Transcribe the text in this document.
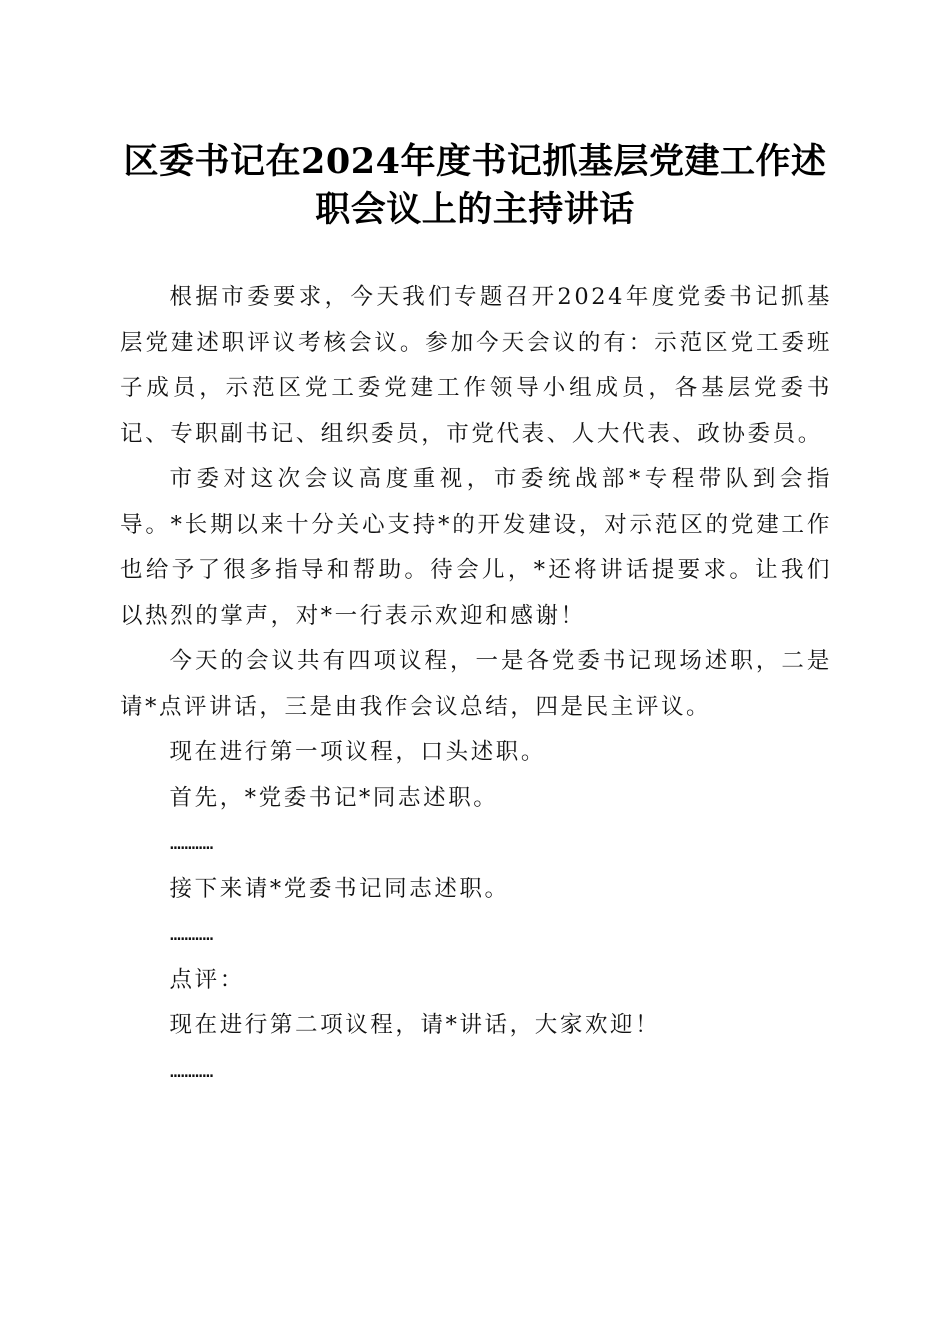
区委书记在2024年度书记抓基层党建工作述
职会议上的主持讲话

根据市委要求，今天我们专题召开2024年度党委书记抓基层党建述职评议考核会议。参加今天会议的有：示范区党工委班子成员，示范区党工委党建工作领导小组成员，各基层党委书记、专职副书记、组织委员，市党代表、人大代表、政协委员。

市委对这次会议高度重视，市委统战部*专程带队到会指导。*长期以来十分关心支持*的开发建设，对示范区的党建工作也给予了很多指导和帮助。待会儿，*还将讲话提要求。让我们以热烈的掌声，对*一行表示欢迎和感谢！

今天的会议共有四项议程，一是各党委书记现场述职，二是请*点评讲话，三是由我作会议总结，四是民主评议。

现在进行第一项议程，口头述职。

首先，*党委书记*同志述职。

…………

接下来请*党委书记同志述职。

…………

点评：

现在进行第二项议程，请*讲话，大家欢迎！

…………
